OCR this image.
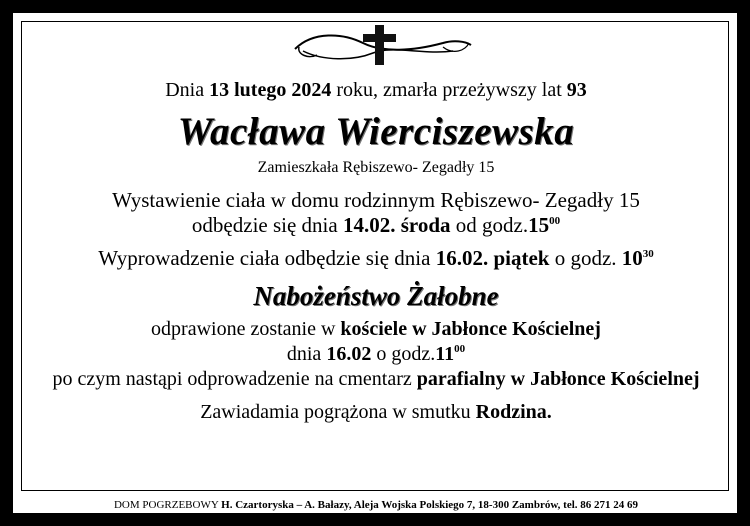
Dnia 13 lutego 2024 roku, zmarła przeżywszy lat 93
Wacława Wierciszewska
Zamieszkała Rębiszewo- Zegadły 15
Wystawienie ciała w domu rodzinnym Rębiszewo- Zegadły 15
odbędzie się dnia 14.02. środa od $godz.15^{00}$
Wyprowadzenie ciała odbędzie się dnia 16.02. piątek o godz. $10^{30}$
Nabożeństwo Żałobne
odprawione zostanie w kościele w Jabłonce Kościelnej
dnia 16.02 o $godz.11^{00}$
po czym nastąpi odprowadzenie na cmentarz parafialny w Jabłonce Kościelnej
Zawiadamia pogrążona w smutku Rodzina.
DOM POGRZEBOWY H. Czartoryska – A. Bałazy, Aleja Wojska Polskiego 7, 18-300 Zambrów, tel. 86 271 24 69
